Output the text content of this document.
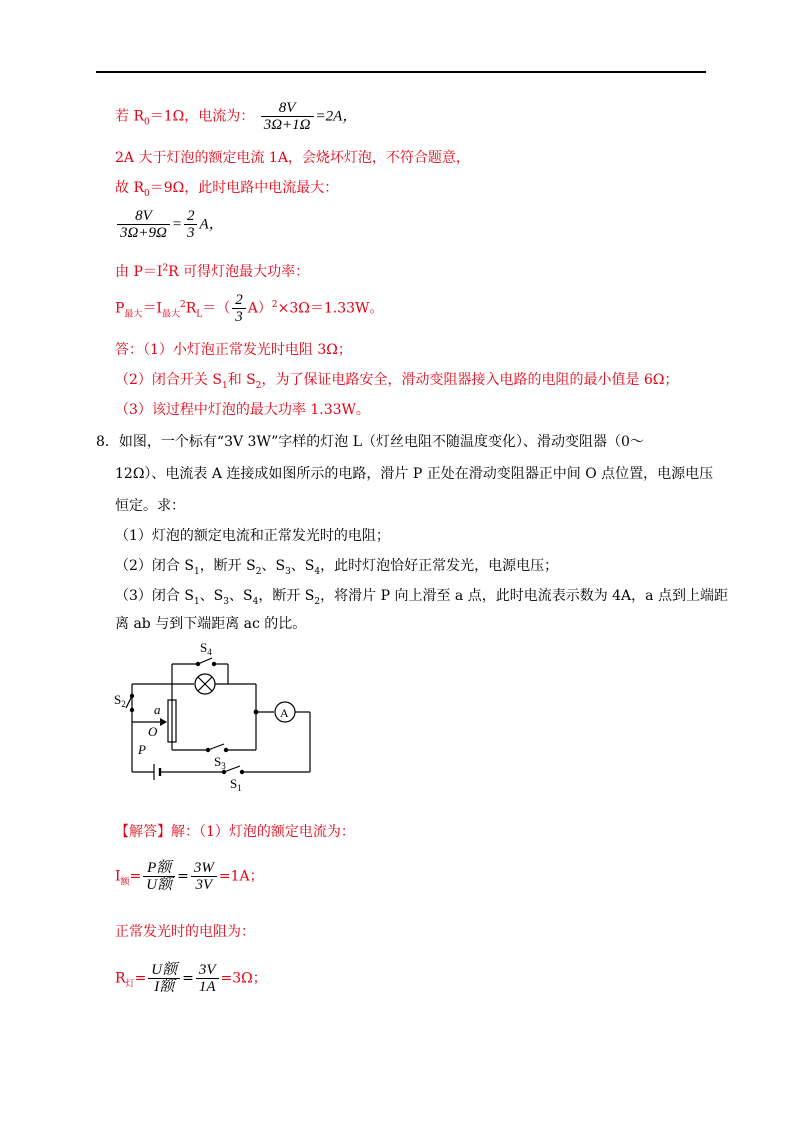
若 $R_0=1\Omega$，电流为： $\frac{8V}{3\Omega+1\Omega} =2A$，
2A 大于灯泡的额定电流 1A，会烧坏灯泡，不符合题意，
故 $R_0=9\Omega$，此时电路中电流最大：
$\frac{8V}{3\Omega+9\Omega} = \frac{2}{3}$ A，
由 $P=I^2R$ 可得灯泡最大功率：
$P_{最大}=I_{最大}^2R_L=( \frac{2}{3} A)^2\times 3\Omega=1.33W$。
答：（1）小灯泡正常发光时电阻 3Ω；
（2）闭合开关 $S_1$和 $S_2$，为了保证电路安全，滑动变阻器接入电路的电阻的最小值是 6Ω；
（3）该过程中灯泡的最大功率 1.33W。
8．如图，一个标有“3V 3W”字样的灯泡 L（灯丝电阻不随温度变化）、滑动变阻器（0～
12Ω）、电流表 A 连接成如图所示的电路，滑片 P 正处在滑动变阻器正中间 O 点位置，电源电压
恒定。求：
（1）灯泡的额定电流和正常发光时的电阻；
（2）闭合 $S_1$，断开 $S_2$、$S_3$、$S_4$，此时灯泡恰好正常发光，电源电压；
（3）闭合 $S_1$、$S_3$、$S_4$，断开 $S_2$，将滑片 P 向上滑至 a 点，此时电流表示数为 4A，a 点到上端距
离 ab 与到下端距离 ac 的比。
$S_4$
$S_2$ a
O
P
$S_3$
$S_1$
A
【解答】解：（1）灯泡的额定电流为：
$I_额= \frac{\text{P额}}{\text{U额}} = \frac{3W}{3V} =1A$；
正常发光时的电阻为：
$R_灯= \frac{\text{U额}}{\text{I额}} = \frac{3V}{1A} =3\Omega$；
